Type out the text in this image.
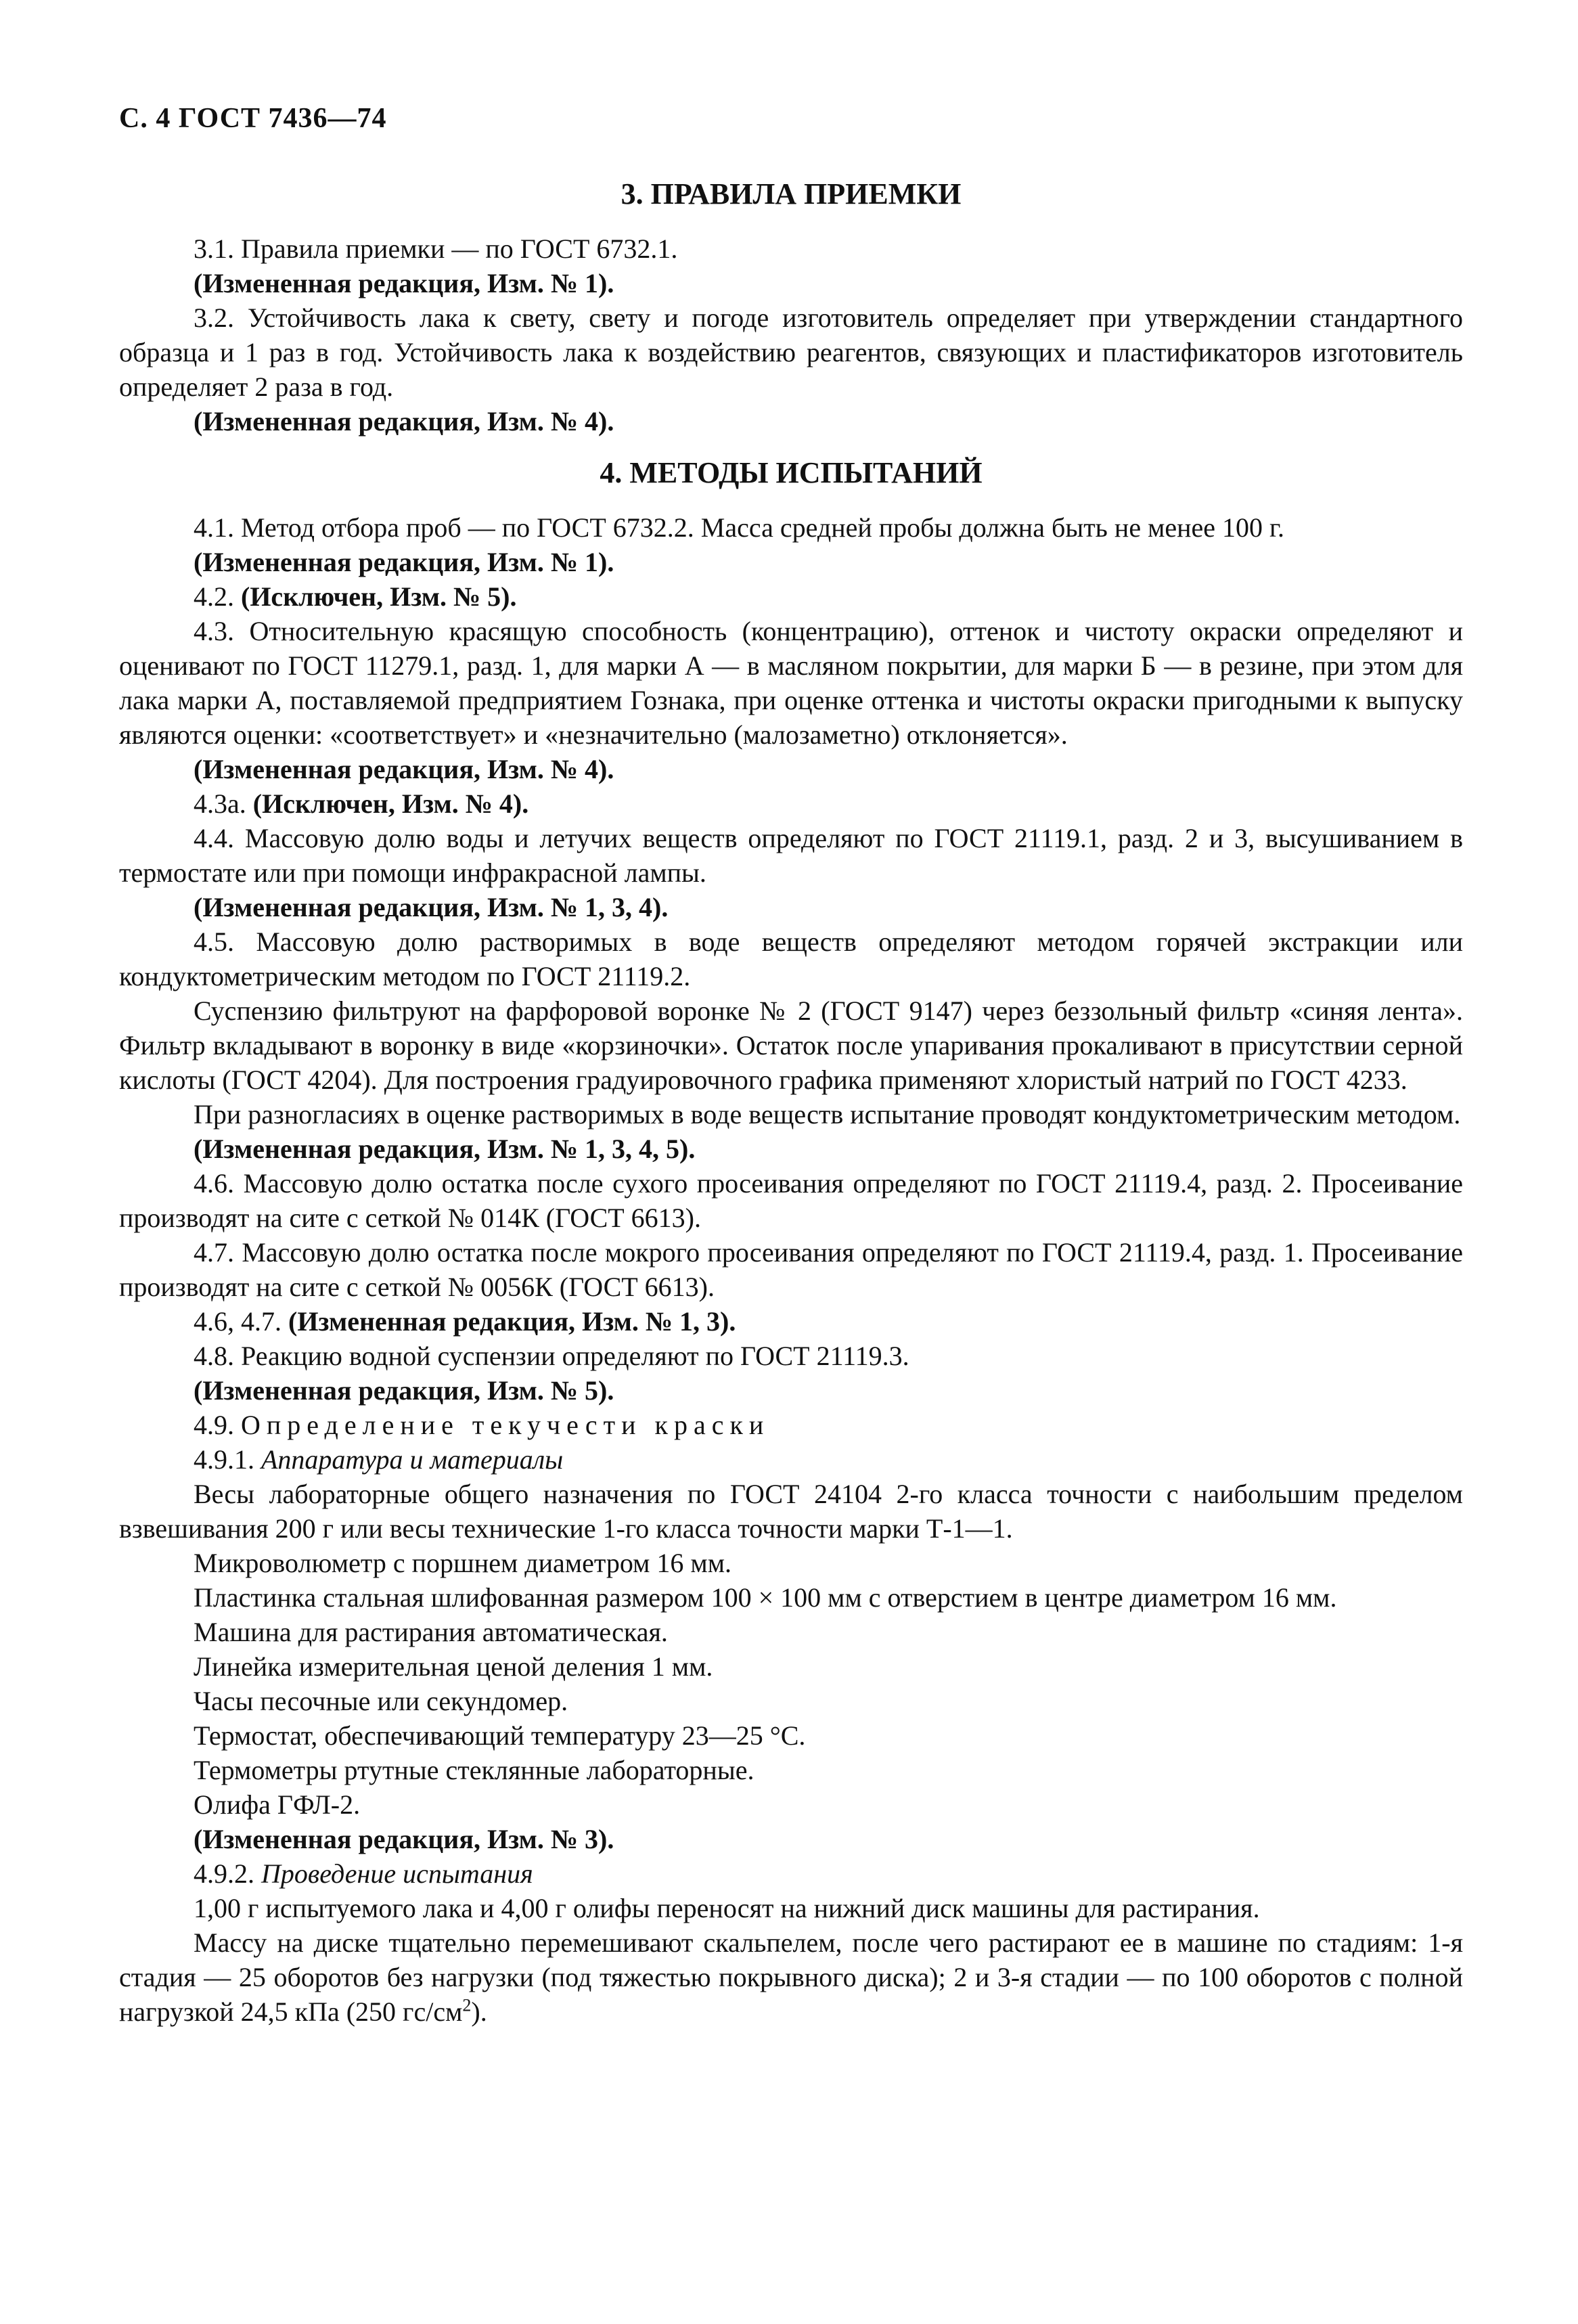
С. 4 ГОСТ 7436—74
3. ПРАВИЛА ПРИЕМКИ

3.1. Правила приемки — по ГОСТ 6732.1.

(Измененная редакция, Изм. № 1).

3.2. Устойчивость лака к свету, свету и погоде изготовитель определяет при утверждении стандартного образца и 1 раз в год. Устойчивость лака к воздействию реагентов, связующих и пластификаторов изготовитель определяет 2 раза в год.

(Измененная редакция, Изм. № 4).

4. МЕТОДЫ ИСПЫТАНИЙ

4.1. Метод отбора проб — по ГОСТ 6732.2. Масса средней пробы должна быть не менее 100 г.

(Измененная редакция, Изм. № 1).

4.2. (Исключен, Изм. № 5).

4.3. Относительную красящую способность (концентрацию), оттенок и чистоту окраски определяют и оценивают по ГОСТ 11279.1, разд. 1, для марки А — в масляном покрытии, для марки Б — в резине, при этом для лака марки А, поставляемой предприятием Гознака, при оценке оттенка и чистоты окраски пригодными к выпуску являются оценки: «соответствует» и «незначительно (малозаметно) отклоняется».

(Измененная редакция, Изм. № 4).

4.3а. (Исключен, Изм. № 4).

4.4. Массовую долю воды и летучих веществ определяют по ГОСТ 21119.1, разд. 2 и 3, высушиванием в термостате или при помощи инфракрасной лампы.

(Измененная редакция, Изм. № 1, 3, 4).

4.5. Массовую долю растворимых в воде веществ определяют методом горячей экстракции или кондуктометрическим методом по ГОСТ 21119.2.

Суспензию фильтруют на фарфоровой воронке № 2 (ГОСТ 9147) через беззольный фильтр «синяя лента». Фильтр вкладывают в воронку в виде «корзиночки». Остаток после упаривания прокаливают в присутствии серной кислоты (ГОСТ 4204). Для построения градуировочного графика применяют хлористый натрий по ГОСТ 4233.

При разногласиях в оценке растворимых в воде веществ испытание проводят кондуктометрическим методом.

(Измененная редакция, Изм. № 1, 3, 4, 5).

4.6. Массовую долю остатка после сухого просеивания определяют по ГОСТ 21119.4, разд. 2. Просеивание производят на сите с сеткой № 014К (ГОСТ 6613).

4.7. Массовую долю остатка после мокрого просеивания определяют по ГОСТ 21119.4, разд. 1. Просеивание производят на сите с сеткой № 0056К (ГОСТ 6613).

4.6, 4.7. (Измененная редакция, Изм. № 1, 3).

4.8. Реакцию водной суспензии определяют по ГОСТ 21119.3.

(Измененная редакция, Изм. № 5).

4.9. Определение текучести краски

4.9.1. Аппаратура и материалы

Весы лабораторные общего назначения по ГОСТ 24104 2-го класса точности с наибольшим пределом взвешивания 200 г или весы технические 1-го класса точности марки Т-1—1.

Микроволюметр с поршнем диаметром 16 мм.

Пластинка стальная шлифованная размером 100 × 100 мм с отверстием в центре диаметром 16 мм.

Машина для растирания автоматическая.

Линейка измерительная ценой деления 1 мм.

Часы песочные или секундомер.

Термостат, обеспечивающий температуру 23—25 °С.

Термометры ртутные стеклянные лабораторные.

Олифа ГФЛ-2.

(Измененная редакция, Изм. № 3).

4.9.2. Проведение испытания

1,00 г испытуемого лака и 4,00 г олифы переносят на нижний диск машины для растирания.

Массу на диске тщательно перемешивают скальпелем, после чего растирают ее в машине по стадиям: 1-я стадия — 25 оборотов без нагрузки (под тяжестью покрывного диска); 2 и 3-я стадии — по 100 оборотов с полной нагрузкой 24,5 кПа (250 $гс/см^2$).
